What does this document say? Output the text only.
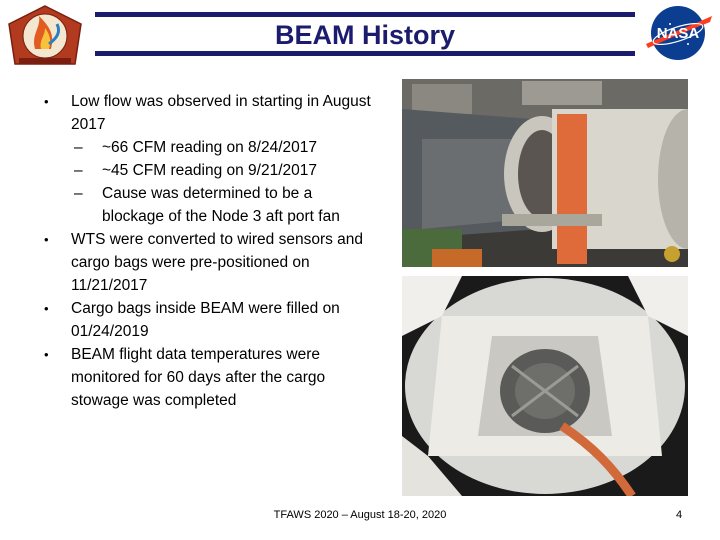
BEAM History	NASA
• Low flow was observed in starting in August 2017
– ~66 CFM reading on 8/24/2017
– ~45 CFM reading on 9/21/2017
– Cause was determined to be a blockage of the Node 3 aft port fan
• WTS were converted to wired sensors and cargo bags were pre-positioned on 11/21/2017
• Cargo bags inside BEAM were filled on 01/24/2019
• BEAM flight data temperatures were monitored for 60 days after the cargo stowage was completed
TFAWS 2020 – August 18-20, 2020	4
